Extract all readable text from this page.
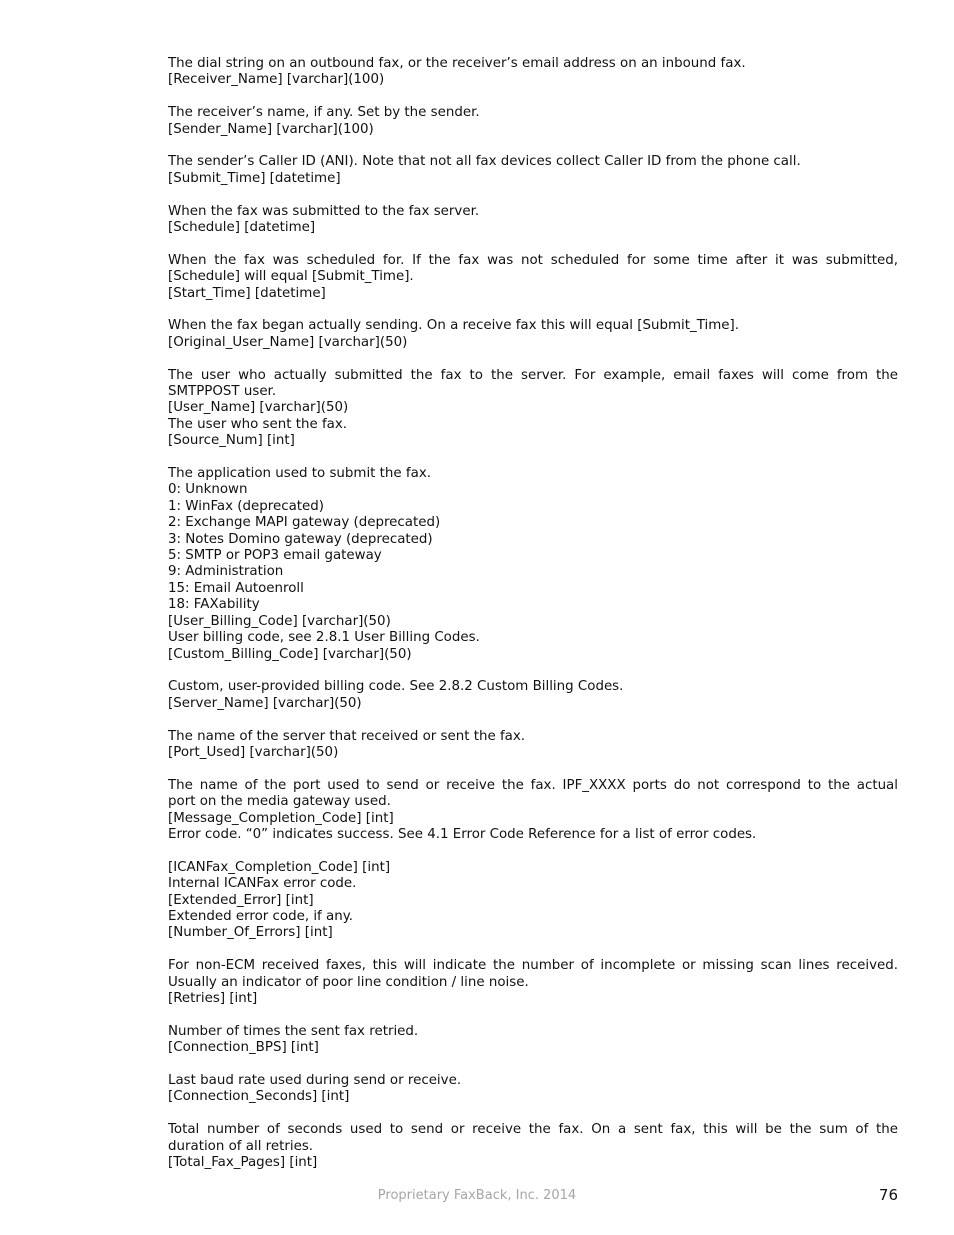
The dial string on an outbound fax, or the receiver’s email address on an inbound fax.
[Receiver_Name] [varchar](100)
The receiver’s name, if any. Set by the sender.
[Sender_Name] [varchar](100)
The sender’s Caller ID (ANI). Note that not all fax devices collect Caller ID from the phone call.
[Submit_Time] [datetime]
When the fax was submitted to the fax server.
[Schedule] [datetime]
When the fax was scheduled for. If the fax was not scheduled for some time after it was submitted,
[Schedule] will equal [Submit_Time].
[Start_Time] [datetime]
When the fax began actually sending. On a receive fax this will equal [Submit_Time].
[Original_User_Name] [varchar](50)
The user who actually submitted the fax to the server. For example, email faxes will come from the
SMTPPOST user.
[User_Name] [varchar](50)
The user who sent the fax.
[Source_Num] [int]
The application used to submit the fax.
0: Unknown
1: WinFax (deprecated)
2: Exchange MAPI gateway (deprecated)
3: Notes Domino gateway (deprecated)
5: SMTP or POP3 email gateway
9: Administration
15: Email Autoenroll
18: FAXability
[User_Billing_Code] [varchar](50)
User billing code, see 2.8.1 User Billing Codes.
[Custom_Billing_Code] [varchar](50)
Custom, user-provided billing code. See 2.8.2 Custom Billing Codes.
[Server_Name] [varchar](50)
The name of the server that received or sent the fax.
[Port_Used] [varchar](50)
The name of the port used to send or receive the fax. IPF_XXXX ports do not correspond to the actual
port on the media gateway used.
[Message_Completion_Code] [int]
Error code. “0” indicates success. See 4.1 Error Code Reference for a list of error codes.
[ICANFax_Completion_Code] [int]
Internal ICANFax error code.
[Extended_Error] [int]
Extended error code, if any.
[Number_Of_Errors] [int]
For non-ECM received faxes, this will indicate the number of incomplete or missing scan lines received.
Usually an indicator of poor line condition / line noise.
[Retries] [int]
Number of times the sent fax retried.
[Connection_BPS] [int]
Last baud rate used during send or receive.
[Connection_Seconds] [int]
Total number of seconds used to send or receive the fax. On a sent fax, this will be the sum of the
duration of all retries.
[Total_Fax_Pages] [int]
Proprietary FaxBack, Inc. 2014	76
